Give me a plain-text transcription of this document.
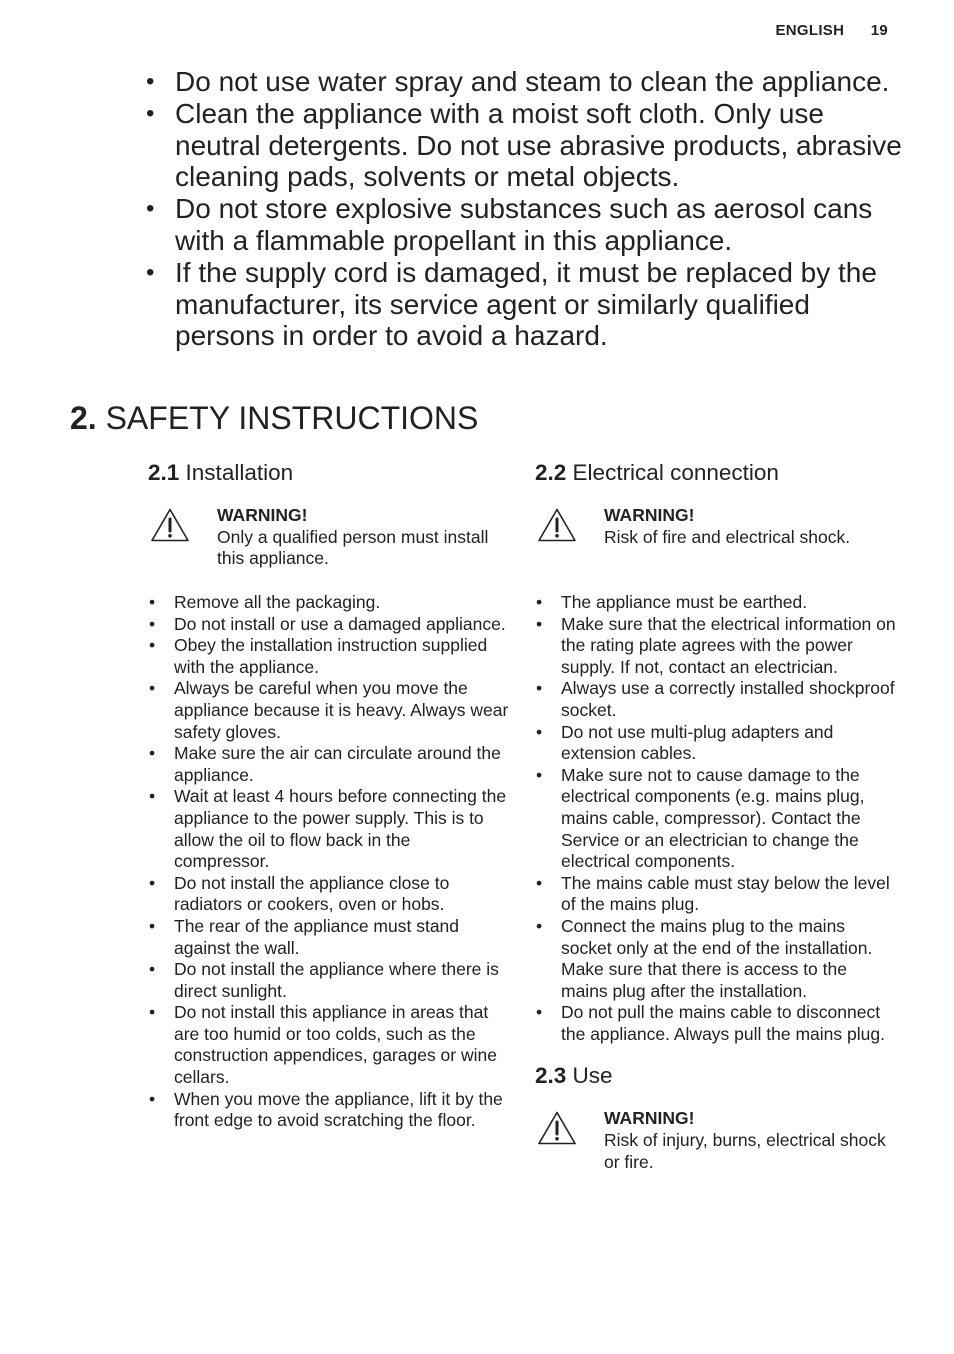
ENGLISH 19
• Do not use water spray and steam to clean the appliance.
• Clean the appliance with a moist soft cloth. Only use neutral detergents. Do not use abrasive products, abrasive cleaning pads, solvents or metal objects.
• Do not store explosive substances such as aerosol cans with a flammable propellant in this appliance.
• If the supply cord is damaged, it must be replaced by the manufacturer, its service agent or similarly qualified persons in order to avoid a hazard.
2. SAFETY INSTRUCTIONS
2.1 Installation
WARNING!
Only a qualified person must install this appliance.
• Remove all the packaging.
• Do not install or use a damaged appliance.
• Obey the installation instruction supplied with the appliance.
• Always be careful when you move the appliance because it is heavy. Always wear safety gloves.
• Make sure the air can circulate around the appliance.
• Wait at least 4 hours before connecting the appliance to the power supply. This is to allow the oil to flow back in the compressor.
• Do not install the appliance close to radiators or cookers, oven or hobs.
• The rear of the appliance must stand against the wall.
• Do not install the appliance where there is direct sunlight.
• Do not install this appliance in areas that are too humid or too colds, such as the construction appendices, garages or wine cellars.
• When you move the appliance, lift it by the front edge to avoid scratching the floor.
2.2 Electrical connection
WARNING!
Risk of fire and electrical shock.
• The appliance must be earthed.
• Make sure that the electrical information on the rating plate agrees with the power supply. If not, contact an electrician.
• Always use a correctly installed shockproof socket.
• Do not use multi-plug adapters and extension cables.
• Make sure not to cause damage to the electrical components (e.g. mains plug, mains cable, compressor). Contact the Service or an electrician to change the electrical components.
• The mains cable must stay below the level of the mains plug.
• Connect the mains plug to the mains socket only at the end of the installation. Make sure that there is access to the mains plug after the installation.
• Do not pull the mains cable to disconnect the appliance. Always pull the mains plug.
2.3 Use
WARNING!
Risk of injury, burns, electrical shock or fire.
